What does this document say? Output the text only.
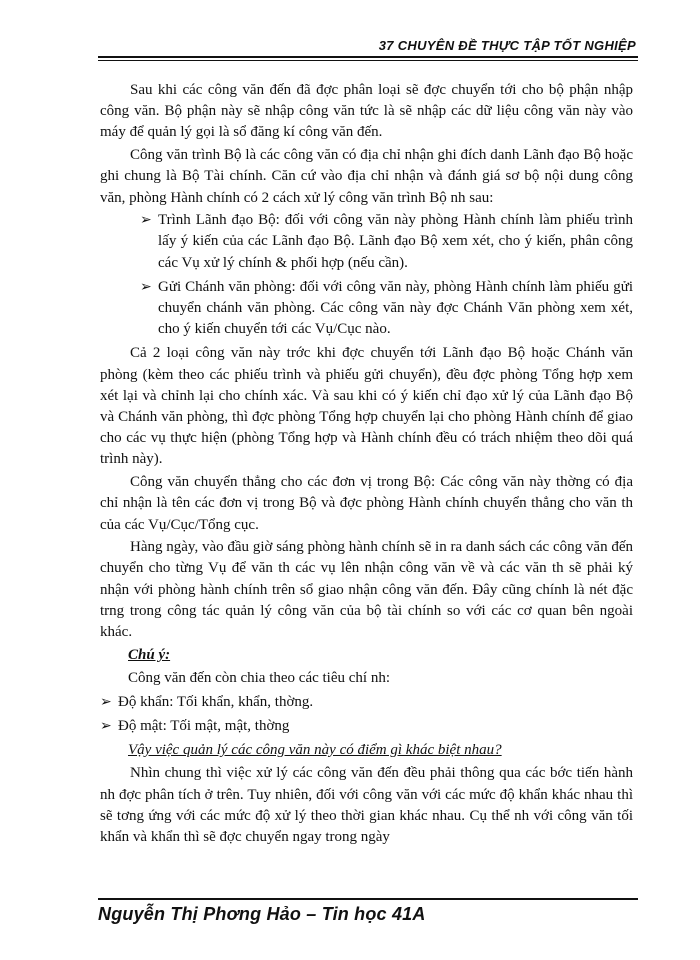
37 CHUYÊN ĐỀ THỰC TẬP TỐT NGHIỆP

Sau khi các công văn đến đã đợc phân loại sẽ đợc chuyển tới cho bộ phận nhập công văn. Bộ phận này sẽ nhập công văn tức là sẽ nhập các dữ liệu công văn này vào máy để quản lý gọi là sổ đăng kí công văn đến.

Công văn trình Bộ là các công văn có địa chỉ nhận ghi đích danh Lãnh đạo Bộ hoặc ghi chung là Bộ Tài chính. Căn cứ vào địa chỉ nhận và đánh giá sơ bộ nội dung công văn, phòng Hành chính có 2 cách xử lý công văn trình Bộ nh sau:

➢ Trình Lãnh đạo Bộ: đối với công văn này phòng Hành chính làm phiếu trình lấy ý kiến của các Lãnh đạo Bộ. Lãnh đạo Bộ xem xét, cho ý kiến, phân công các Vụ xử lý chính & phối hợp (nếu cần).
➢ Gửi Chánh văn phòng: đối với công văn này, phòng Hành chính làm phiếu gửi chuyển chánh văn phòng. Các công văn này đợc Chánh Văn phòng xem xét, cho ý kiến chuyển tới các Vụ/Cục nào.

Cả 2 loại công văn này trớc khi đợc chuyển tới Lãnh đạo Bộ hoặc Chánh văn phòng (kèm theo các phiếu trình và phiếu gửi chuyển), đều đợc phòng Tổng hợp xem xét lại và chỉnh lại cho chính xác. Và sau khi có ý kiến chỉ đạo xử lý của Lãnh đạo Bộ và Chánh văn phòng, thì đợc phòng Tổng hợp chuyển lại cho phòng Hành chính để giao cho các vụ thực hiện (phòng Tổng hợp và Hành chính đều có trách nhiệm theo dõi quá trình này).

Công văn chuyển thẳng cho các đơn vị trong Bộ: Các công văn này thờng có địa chỉ nhận là tên các đơn vị trong Bộ và đợc phòng Hành chính chuyển thẳng cho văn th của các Vụ/Cục/Tổng cục.

Hàng ngày, vào đầu giờ sáng phòng hành chính sẽ in ra danh sách các công văn đến chuyển cho từng Vụ để văn th các vụ lên nhận công văn về và các văn th sẽ phải ký nhận với phòng hành chính trên sổ giao nhận công văn đến. Đây cũng chính là nét đặc trng trong công tác quản lý công văn của bộ tài chính so với các cơ quan bên ngoài khác.

Chú ý:
Công văn đến còn chia theo các tiêu chí nh:
➢ Độ khẩn: Tối khẩn, khẩn, thờng.
➢ Độ mật: Tối mật, mật, thờng
Vậy việc quản lý các công văn này có điểm gì khác biệt nhau?

Nhìn chung thì việc xử lý các công văn đến đều phải thông qua các bớc tiến hành nh đợc phân tích ở trên. Tuy nhiên, đối với công văn với các mức độ khẩn khác nhau thì sẽ tơng ứng với các mức độ xử lý theo thời gian khác nhau. Cụ thể nh với công văn tối khẩn và khẩn thì sẽ đợc chuyển ngay trong ngày

Nguyễn Thị Phơng Hảo – Tin học 41A
